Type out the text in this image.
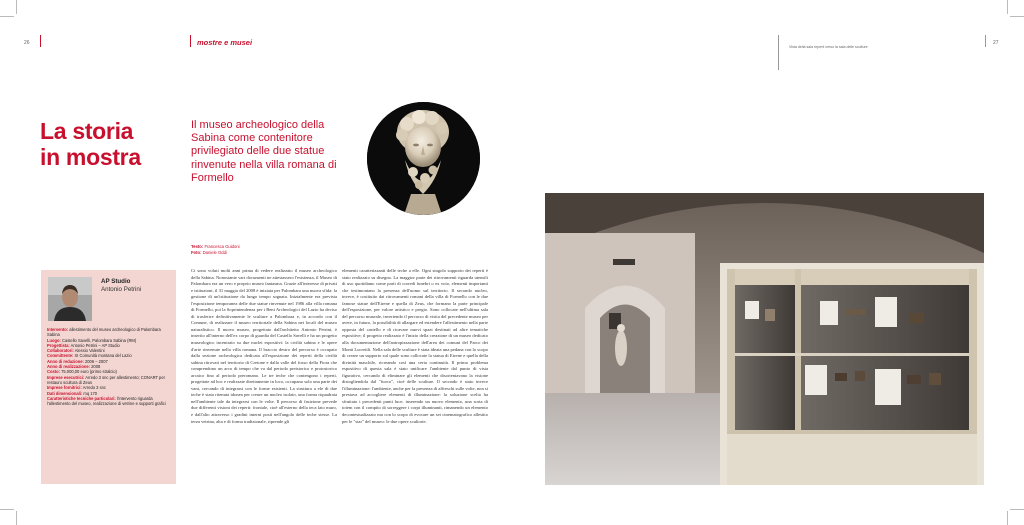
26	mostre e musei	Vista della sala reperti verso la sala delle sculture
27
La storia
in mostra
Il museo archeologico della Sabina come contenitore privilegiato delle due statue rinvenute nella villa romana di Formello
Testo: Francesca Guidoni
Foto: Daniele Oddi
AP Studio
Antonio Petrini
Intervento: allestimento del museo archeologico di Palombara Sabina
Luogo: Castello Savelli, Palombara Sabina (RM)
Progettista: Antonio Petrini – AP Studio
Collaboratori: Alessio Valentini
Committente: XI Comunità montana del Lazio
Anno di redazione: 2006 – 2007
Anno di realizzazione: 2008
Costo: 75.000,00 euro (primo stralcio)
Imprese esecutrici: Arredo 3 snc per allestimento; CONART per restauro scultura di Zeus
Imprese fornitrici: Arredo 3 snc
Dati dimensionali: mq 170
Caratteristiche tecniche particolari: l'intervento riguarda l'allestimento del museo, realizzazione di vetrine e supporti grafici
Ci sono voluti molti anni prima di vedere realizzato il museo archeologico della Sabina. Nonostante vari documenti ne attestassero l'esistenza, il Museo di Palombara era un vero e proprio museo fantasma. Grazie all'interesse di privati e istituzioni, il 31 maggio del 2008 è iniziata per Palombara una nuova sfida: la gestione di un'istituzione da lungo tempo sognata. Inizialmente era prevista l'esposizione temporanea delle due statue rinvenute nel 1986 alla villa romana di Formello, poi la Soprintendenza per i Beni Archeologici del Lazio ha deciso di trasferire definitivamente le sculture a Palombara e, in accordo con il Comune, di realizzare il museo territoriale della Sabina nei locali del museo naturalistico. Il nuovo museo, progettato dall'architetto Antonio Petrini, è inserito all'interno dell'ex corpo di guardia del Castello Savelli e ha un progetto museologico incentrato su due nuclei espositivi: la civiltà sabina e le opere d'arte rinvenute nella villa romana. Il braccio destro del percorso è occupato dalla sezione archeologica dedicata all'esposizione dei reperti della civiltà sabina ritrovati nel territorio di Cretone e dalla valle del fosso della Fiora che comprendono un arco di tempo che va dal periodo preistorico e protostorico arcaico fino al periodo preromano. Le tre teche che contengono i reperti, progettate ad hoc e realizzate direttamente in loco, occupano solo una parte dei vani, cercando di integrarsi con le forme esistenti. La struttura a ele di due teche è stata ritenuta idonea per creare un nucleo isolato, una forma riquadrata nell'ambiente tale da integrarsi con le volte. Il percorso di fruizione prevede due differenti visioni dei reperti: frontale, cioè all'esterno della teca lato muro, e dall'alto attraverso i gradini interni posti nell'angolo delle teche stesse. La terza vetrina, alta e di forma tradizionale, riprende gli
elementi caratterizzanti delle teche a elle. Ogni singolo supporto dei reperti è stato realizzato su disegno. La maggior parte dei ritrovamenti riguarda utensili di uso quotidiano come parti di corredi funebri o ex voto, elementi importanti che testimoniano la presenza dell'uomo sul territorio. Il secondo nucleo, invece, è costituito dai ritrovamenti romani della villa di Formello con le due famose statue dell'Eirene e quella di Zeus, che formano la parte principale dell'esposizione, per valore artistico e pregio. Sono collocate nell'ultima sala del percorso museale, invertendo il percorso di visita del precedente museo per avere, in futuro, la possibilità di allargare ed estendere l'allestimento nella parte opposta del castello e di ricavare nuovi spazi destinati ad altre tematiche espositive; il progetto realizzato è l'inizio della creazione di un museo dedicato alla documentazione dell'antropizzazione dell'area dei comuni del Parco dei Monti Lucretili. Nella sala delle sculture è stata ideata una pedana con lo scopo di creare un supporto sul quale sono collocate la statua di Eirene e quella della divinità maschile, ricreando così una certa continuità. Il primo problema espositivo di questa sala è stato unificare l'ambiente dal punto di vista figurativo, cercando di eliminare gli elementi che disorientavano la visione distogliendola dal "fuoco", cioè delle sculture. Il secondo è stato invece l'illuminazione: l'ambiente, anche per la presenza di affreschi sulle volte, non si prestava ad accogliere elementi di illuminazione: la soluzione scelta ha sfruttato i precedenti punti luce, inserendo un nuovo elemento, una sorta di totem con il compito di sorreggere i corpi illuminanti, rimanendo un elemento decontestualizzato ma con lo scopo di evocare un set cinematografico allestito per le "star" del museo: le due opere scultorie.
